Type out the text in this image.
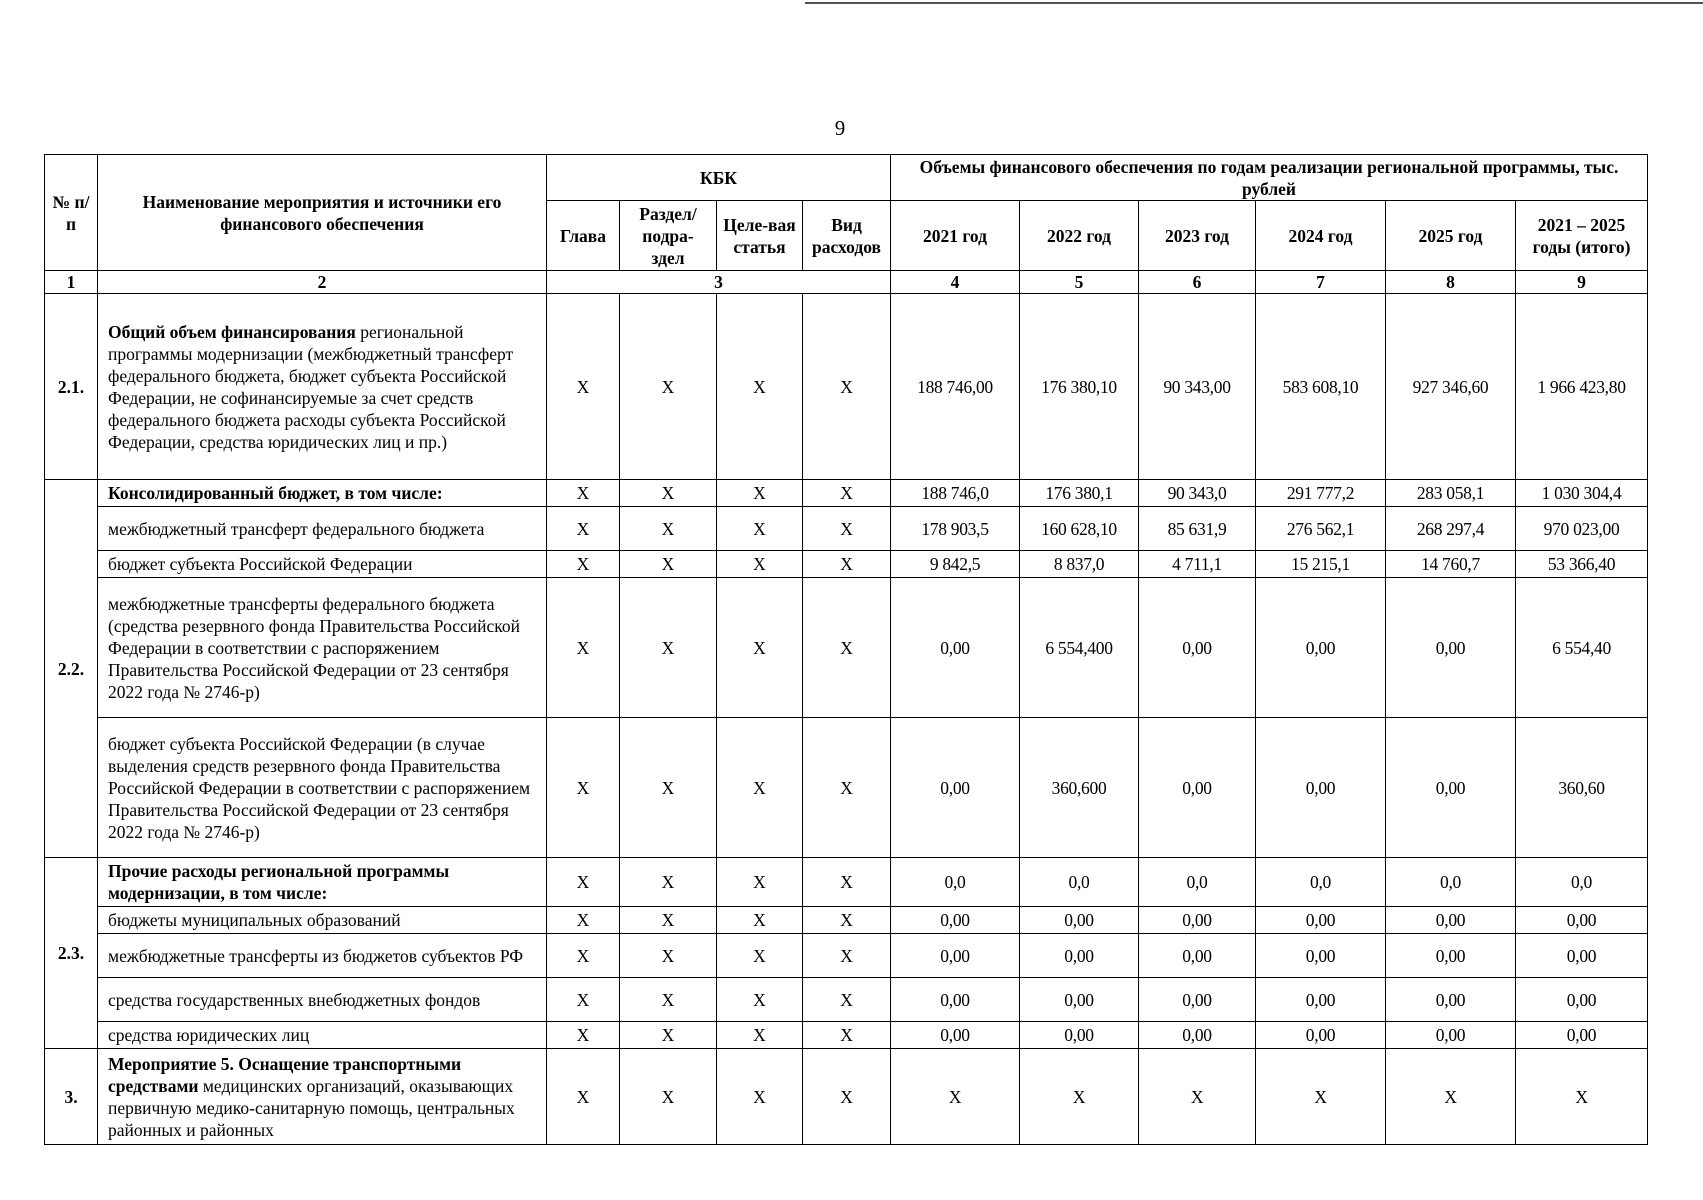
9
№ п/п	Наименование мероприятия и источники его финансового обеспечения	КБК				Объемы финансового обеспечения по годам реализации региональной программы, тыс. рублей					
		Глава	Раздел/ подра-здел	Целе-вая статья	Вид расходов	2021 год	2022 год	2023 год	2024 год	2025 год	2021 – 2025 годы (итого)
1	2	3				4	5	6	7	8	9
2.1.	Общий объем финансирования региональной программы модернизации (межбюджетный трансферт федерального бюджета, бюджет субъекта Российской Федерации, не софинансируемые за счет средств федерального бюджета расходы субъекта Российской Федерации, средства юридических лиц и пр.)	Х	Х	Х	Х	188 746,00	176 380,10	90 343,00	583 608,10	927 346,60	1 966 423,80
2.2.	Консолидированный бюджет, в том числе:	Х	Х	Х	Х	188 746,0	176 380,1	90 343,0	291 777,2	283 058,1	1 030 304,4
	межбюджетный трансферт федерального бюджета	Х	Х	Х	Х	178 903,5	160 628,10	85 631,9	276 562,1	268 297,4	970 023,00
	бюджет субъекта Российской Федерации	Х	Х	Х	Х	9 842,5	8 837,0	4 711,1	15 215,1	14 760,7	53 366,40
	межбюджетные трансферты федерального бюджета (средства резервного фонда Правительства Российской Федерации в соответствии с распоряжением Правительства Российской Федерации от 23 сентября 2022 года № 2746-р)	Х	Х	Х	Х	0,00	6 554,400	0,00	0,00	0,00	6 554,40
	бюджет субъекта Российской Федерации (в случае выделения средств резервного фонда Правительства Российской Федерации в соответствии с распоряжением Правительства Российской Федерации от 23 сентября 2022 года № 2746-р)	Х	Х	Х	Х	0,00	360,600	0,00	0,00	0,00	360,60
2.3.	Прочие расходы региональной программы модернизации, в том числе:	Х	Х	Х	Х	0,0	0,0	0,0	0,0	0,0	0,0
	бюджеты муниципальных образований	Х	Х	Х	Х	0,00	0,00	0,00	0,00	0,00	0,00
	межбюджетные трансферты из бюджетов субъектов РФ	Х	Х	Х	Х	0,00	0,00	0,00	0,00	0,00	0,00
	средства государственных внебюджетных фондов	Х	Х	Х	Х	0,00	0,00	0,00	0,00	0,00	0,00
	средства юридических лиц	Х	Х	Х	Х	0,00	0,00	0,00	0,00	0,00	0,00
3.	Мероприятие 5. Оснащение транспортными средствами медицинских организаций, оказывающих первичную медико-санитарную помощь, центральных районных и районных	Х	Х	Х	Х	Х	Х	Х	Х	Х	Х
